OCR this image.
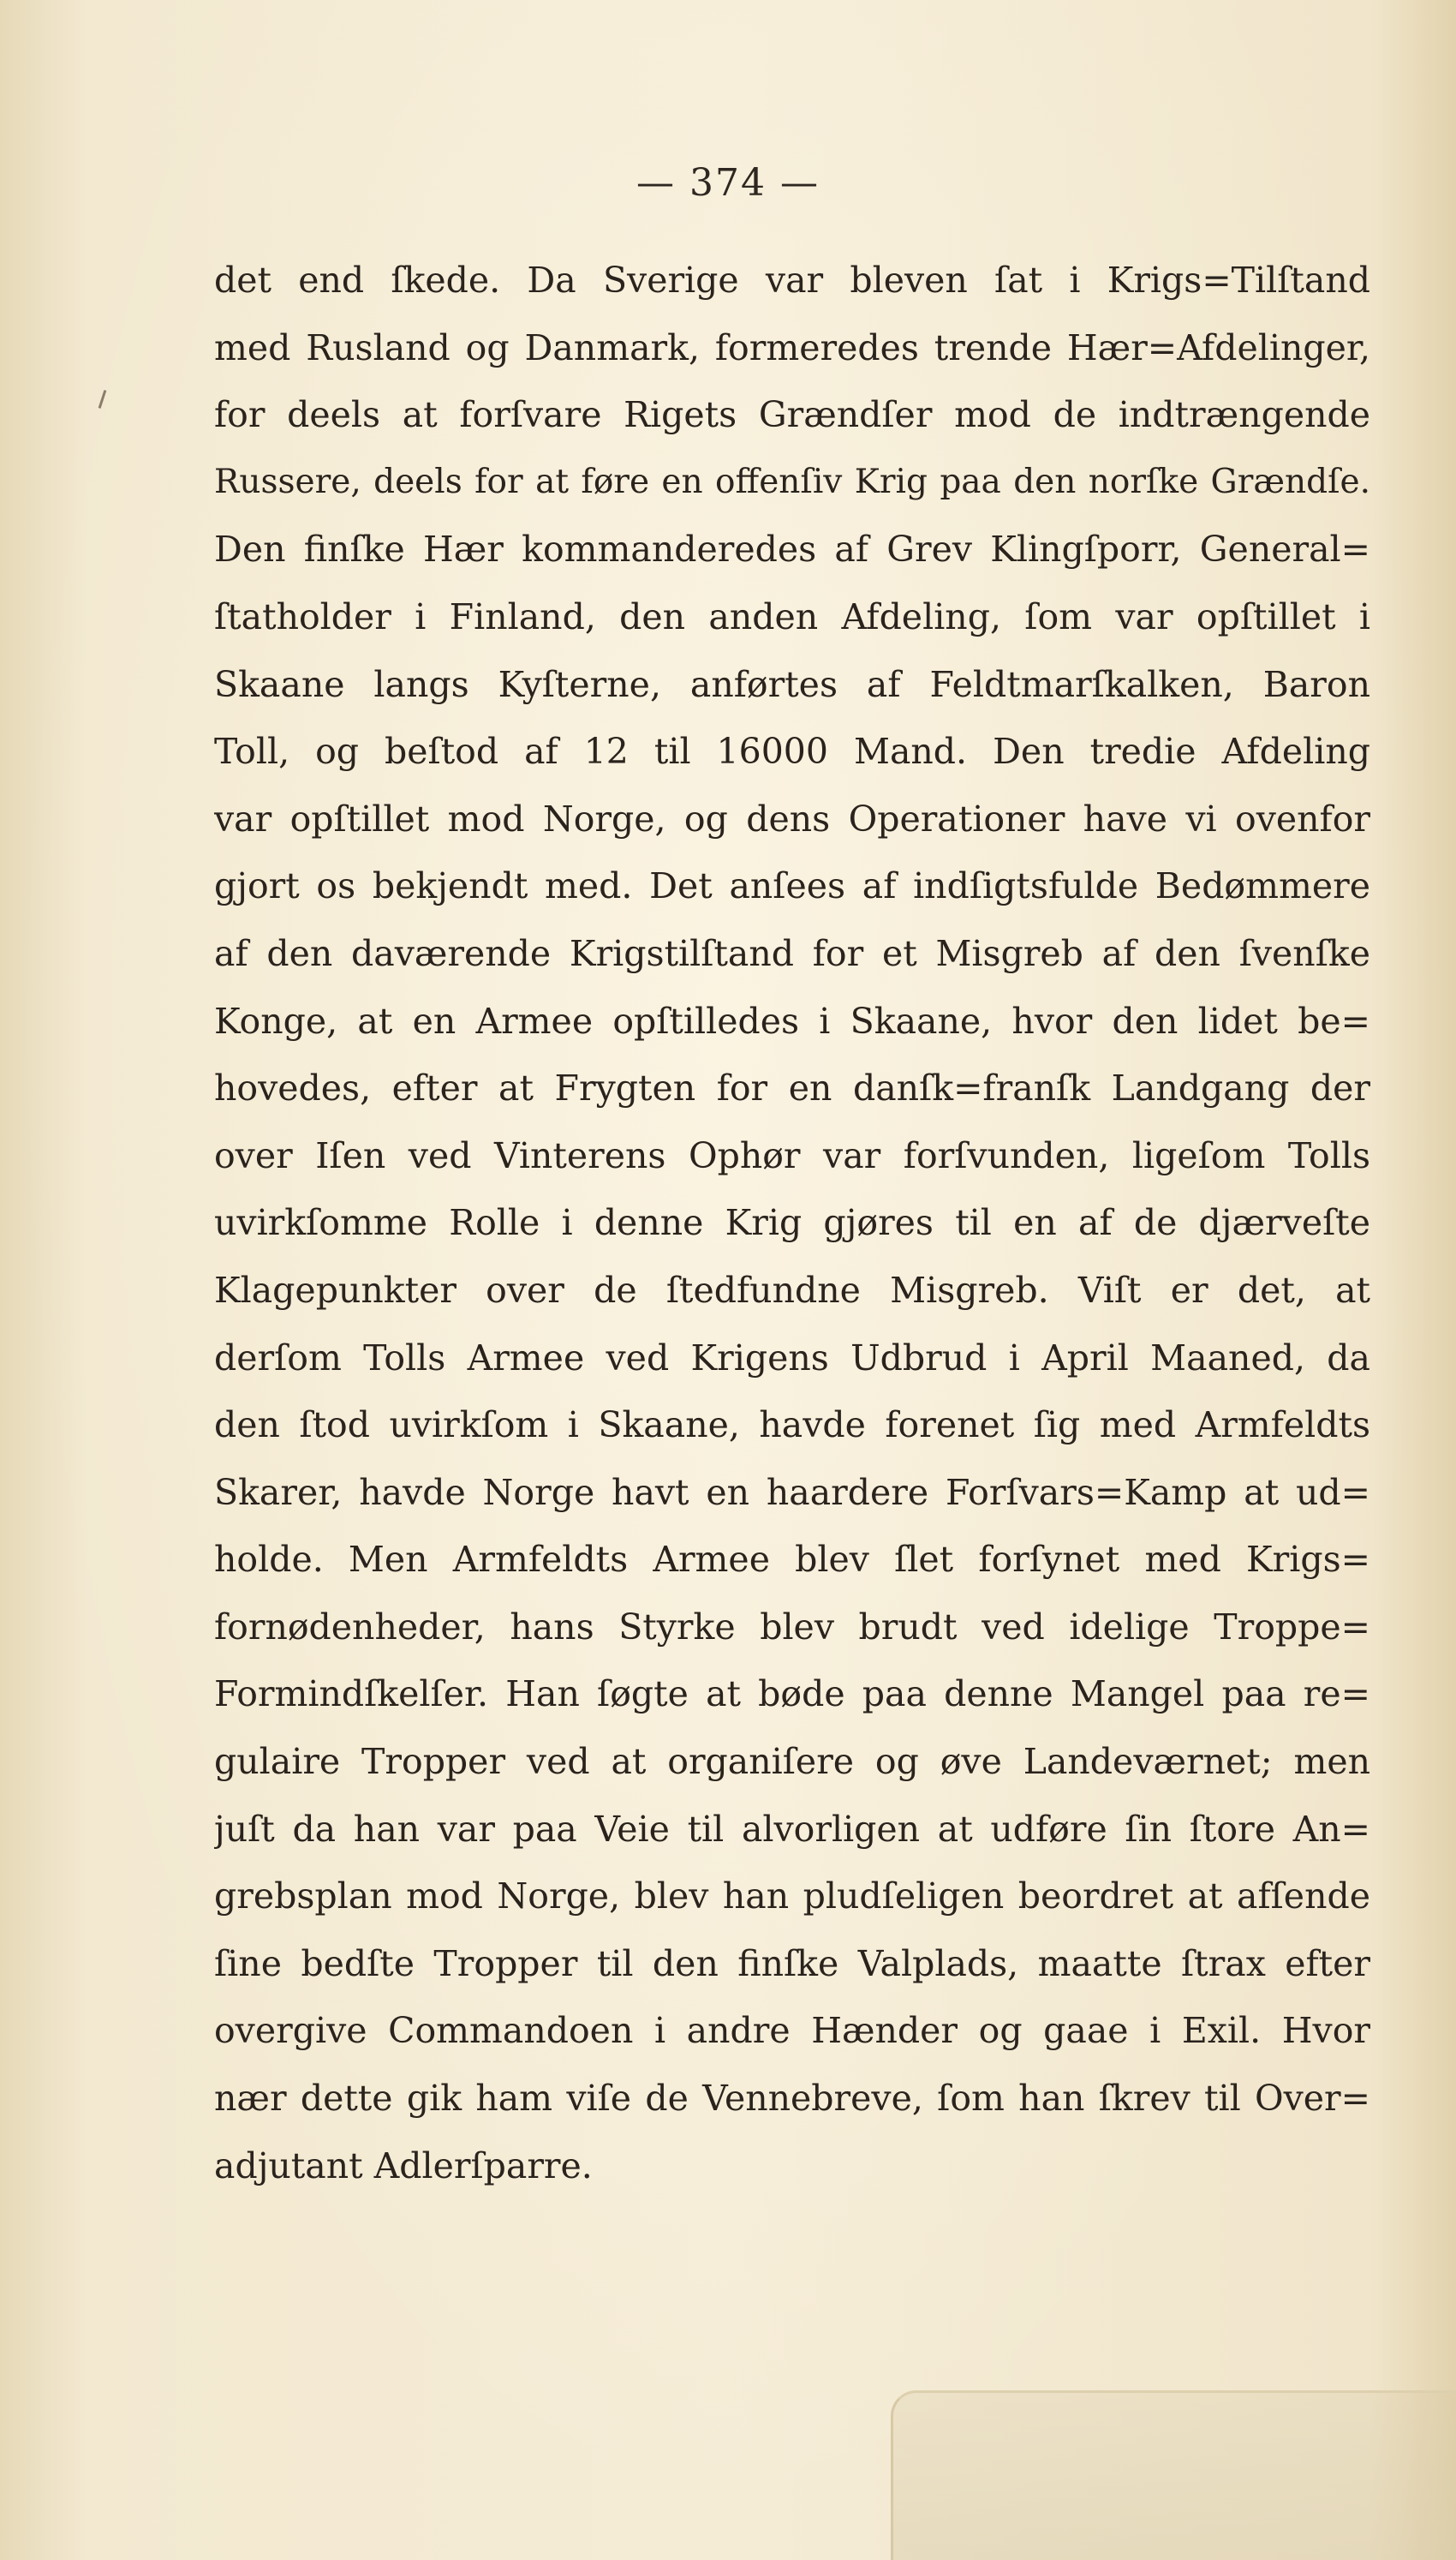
— 374 —
det end ſkede. Da Sverige var bleven ſat i Krigs=Tilſtand
med Rusland og Danmark, formeredes trende Hær=Afdelinger,
for deels at forſvare Rigets Grændſer mod de indtrængende
Russere, deels for at føre en offenſiv Krig paa den norſke Grændſe.
Den finſke Hær kommanderedes af Grev Klingſporr, General=
ſtatholder i Finland, den anden Afdeling, ſom var opſtillet i
Skaane langs Kyſterne, anførtes af Feldtmarſkalken, Baron
Toll, og beſtod af 12 til 16000 Mand. Den tredie Afdeling
var opſtillet mod Norge, og dens Operationer have vi ovenfor
gjort os bekjendt med. Det anſees af indſigtsfulde Bedømmere
af den daværende Krigstilſtand for et Misgreb af den ſvenſke
Konge, at en Armee opſtilledes i Skaane, hvor den lidet be=
hovedes, efter at Frygten for en danſk=franſk Landgang der
over Iſen ved Vinterens Ophør var forſvunden, ligeſom Tolls
uvirkſomme Rolle i denne Krig gjøres til en af de djærveſte
Klagepunkter over de ſtedfundne Misgreb. Viſt er det, at
derſom Tolls Armee ved Krigens Udbrud i April Maaned, da
den ſtod uvirkſom i Skaane, havde forenet ſig med Armfeldts
Skarer, havde Norge havt en haardere Forſvars=Kamp at ud=
holde. Men Armfeldts Armee blev ſlet forſynet med Krigs=
fornødenheder, hans Styrke blev brudt ved idelige Troppe=
Formindſkelſer. Han ſøgte at bøde paa denne Mangel paa re=
gulaire Tropper ved at organiſere og øve Landeværnet; men
juſt da han var paa Veie til alvorligen at udføre ſin ſtore An=
grebsplan mod Norge, blev han pludſeligen beordret at afſende
ſine bedſte Tropper til den finſke Valplads, maatte ſtrax efter
overgive Commandoen i andre Hænder og gaae i Exil. Hvor
nær dette gik ham viſe de Vennebreve, ſom han ſkrev til Over=
adjutant Adlerſparre.
